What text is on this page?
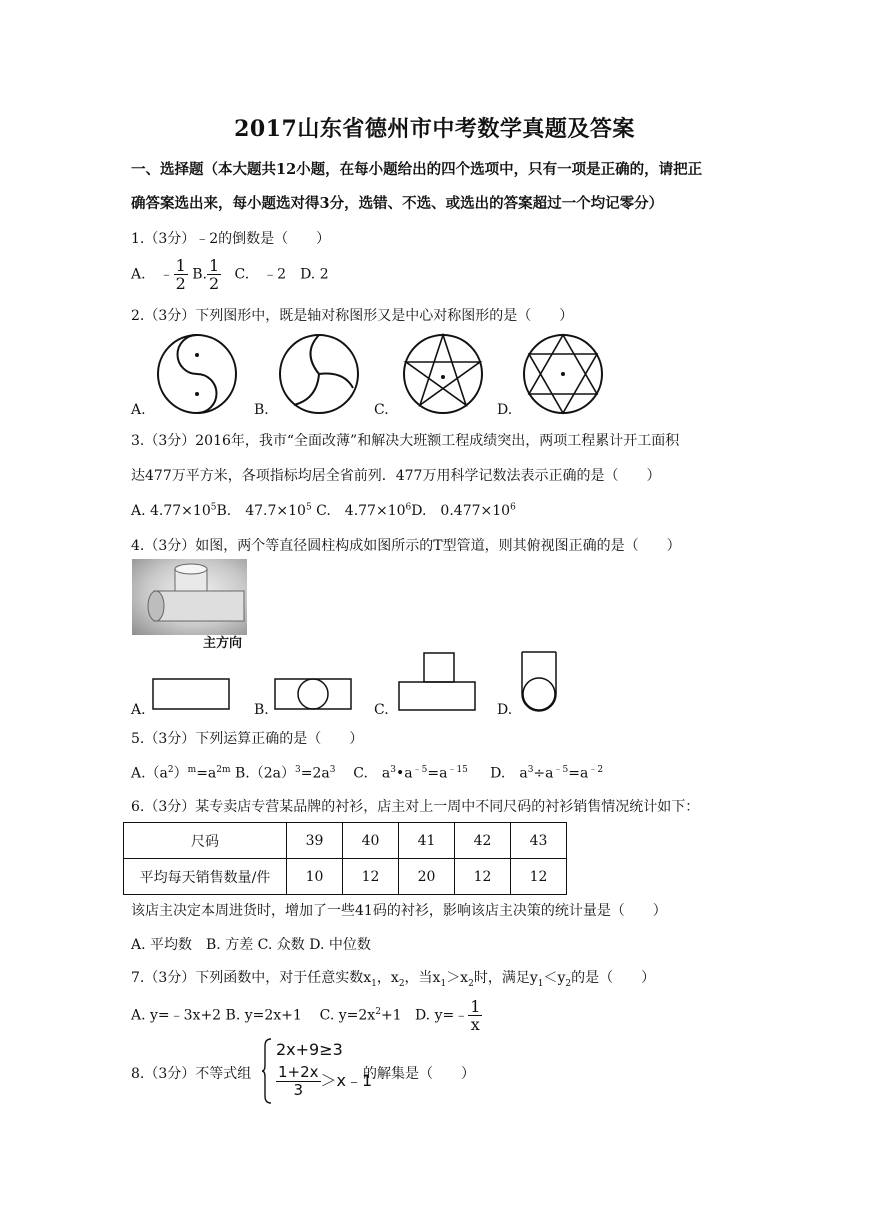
2017山东省德州市中考数学真题及答案
一、选择题（本大题共12小题，在每小题给出的四个选项中，只有一项是正确的，请把正
确答案选出来，每小题选对得3分，选错、不选、或选出的答案超过一个均记零分）
1.（3分）﹣2的倒数是（　　）
A.　﹣ $\frac{1}{2} B$. $\frac{1}{2} C$.　﹣2　D. 2
2.（3分）下列图形中，既是轴对称图形又是中心对称图形的是（　　）
A.	B.	C.	D.
3.（3分）2016年，我市“全面改薄”和解决大班额工程成绩突出，两项工程累计开工面积
达477万平方米，各项指标均居全省前列．477万用科学记数法表示正确的是（　　）
A. $4.77\times 10^5B$.　$47.7\times 10^5$ C.　$4.77\times 10^6D$.　$0.477\times 10^6$
4.（3分）如图，两个等直径圆柱构成如图所示的T型管道，则其俯视图正确的是（　　）
主方向
A.	B.	C.	D.
5.（3分）下列运算正确的是（　　）
$A.(a^2)^m=a^{2m}$ $B.(2a)^3=2a^3$ C.　$a^3•a^{﹣5}=a^{﹣15}$ D.　$a^3\div a^{﹣5}=a^{﹣2}$
6.（3分）某专卖店专营某品牌的衬衫，店主对上一周中不同尺码的衬衫销售情况统计如下：
尺码	39	40	41	42	43
平均每天销售数量/件	10	12	20	12	12
该店主决定本周进货时，增加了一些41码的衬衫，影响该店主决策的统计量是（　　）
A. 平均数　B. 方差 C. 众数 D. 中位数
7.（3分）下列函数中，对于任意实数$x_1$，$x_2$，当$x_1>x_2$时，满足$y_1<y_2$的是（　　）
A. y=﹣3x+2 B. y=2x+1 C. $y=2x^2+1$ D. y=﹣ $\frac{1}{x}$
8.（3分）不等式组
2x+9≥3
$\frac{1+2x}{3}$ ＞x﹣1
的解集是（　　）
